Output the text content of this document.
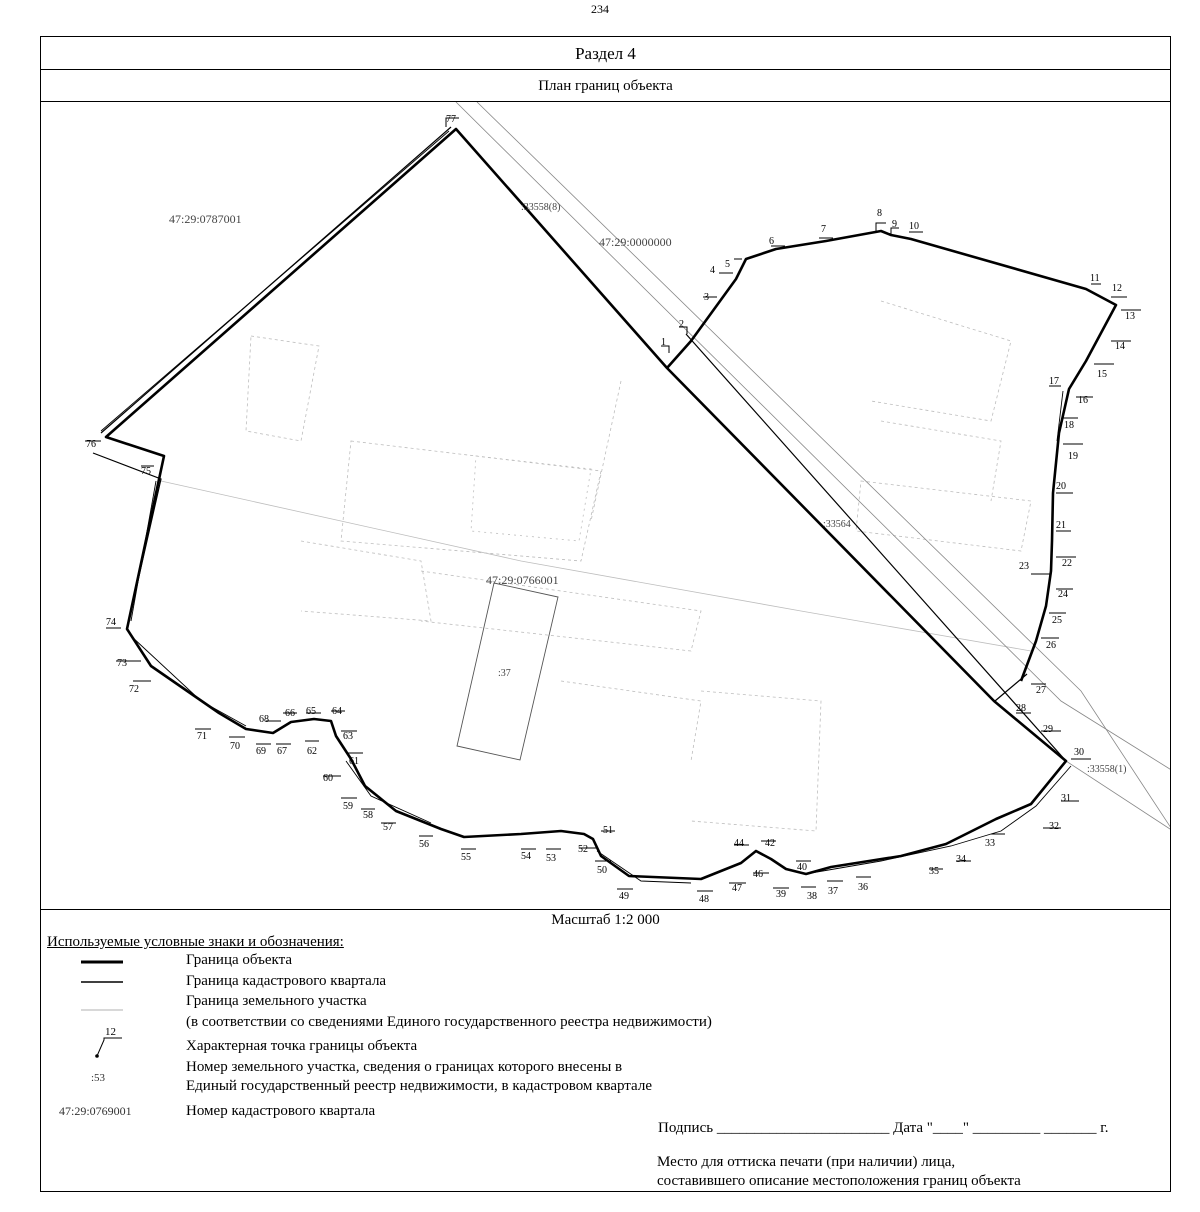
234
Раздел 4
План границ объекта
77
1
2
3
4
5
6
7
8
9 10
11
12
13
14
15
17
16
18
19
20
21
22
23
24
25
26
27
28
29
30
31
32
33
34
35
36
37
38
39
40
42
44
46
47
48
49
50
51
52
53
54
55
56
57
58
59
60
61
62
63
64
65
66
67
68
69
70
71
72
73
74
75
76
47:29:0787001
47:29:0000000
47:29:0766001
:33558(8)
:33564
:33558(1)
:37
Масштаб 1:2 000
Используемые условные знаки и обозначения:
Граница объекта
Граница кадастрового квартала
Граница земельного участка
(в соответствии со сведениями Единого государственного реестра недвижимости)
12
Характерная точка границы объекта
:53
Номер земельного участка, сведения о границах которого внесены в
Единый государственный реестр недвижимости, в кадастровом квартале
47:29:0769001	Номер кадастрового квартала
Подпись _______________________ Дата "____" _________ _______ г.
Место для оттиска печати (при наличии) лица,
составившего описание местоположения границ объекта
